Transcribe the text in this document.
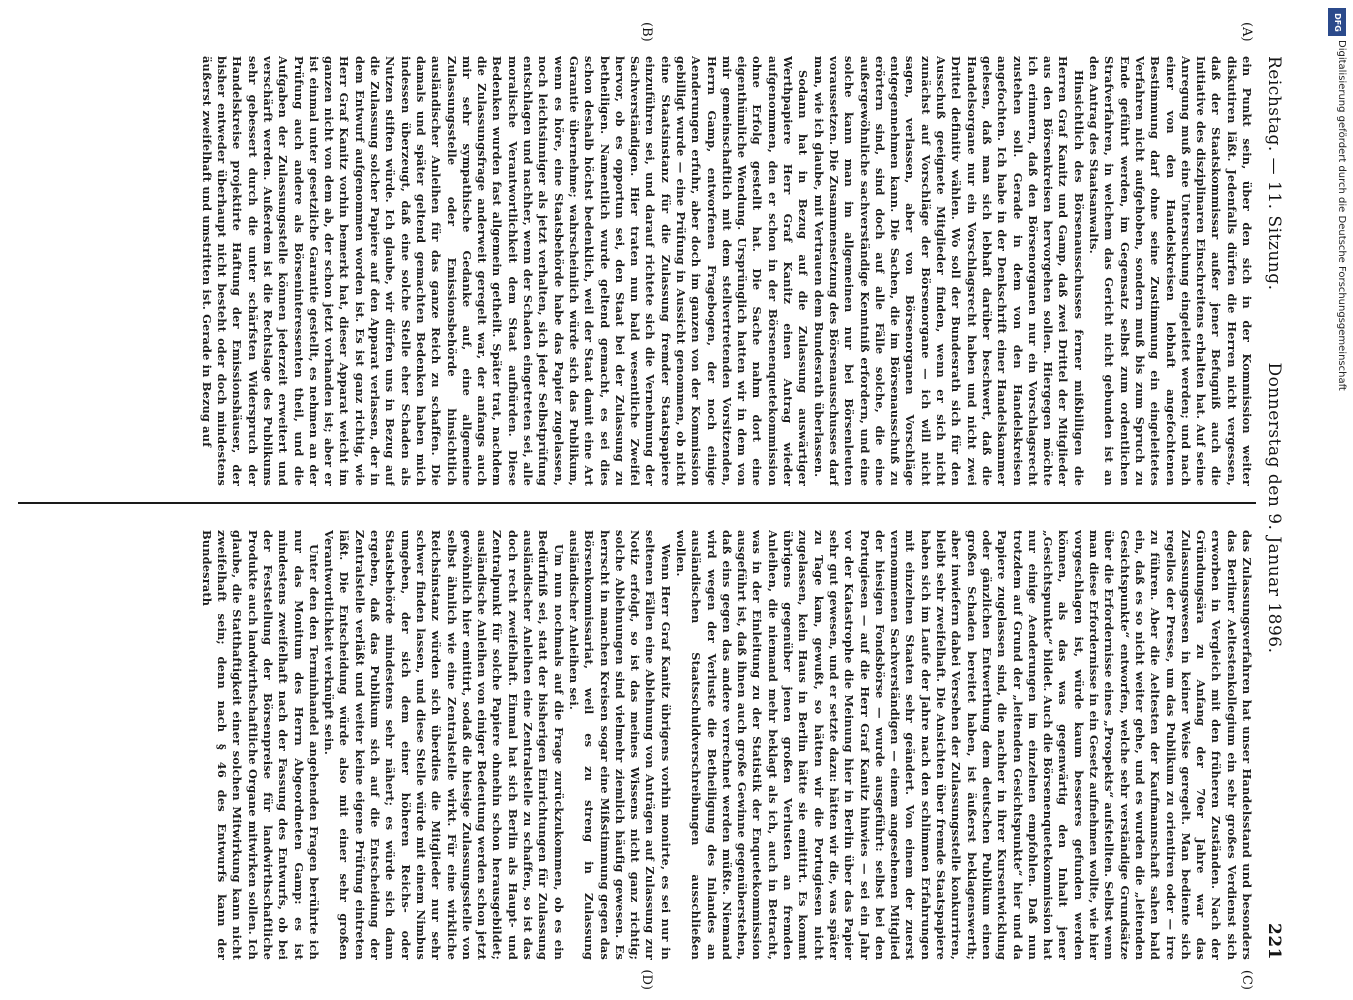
Reichstag. — 11. Sitzung.
Donnerstag den 9. Januar 1896.
221
(A)
(B)
(C)
(D)

ein Punkt sein, über den sich in der Kommission weiter diskutiren läßt. Jedenfalls dürfen die Herren nicht vergessen, daß der Staatskommissar außer jener Befugniß auch die Initiative des disziplinaren Einschreitens erhalten hat. Auf seine Anregung muß eine Untersuchung eingeleitet werden; und nach einer von den Handelskreisen lebhaft angefochtenen Bestimmung darf ohne seine Zustimmung ein eingeleitetes Verfahren nicht aufgehoben, sondern muß bis zum Spruch zu Ende geführt werden, im Gegensatz selbst zum ordentlichen Strafverfahren, in welchem das Gericht nicht gebunden ist an den Antrag des Staatsanwalts.

Hinsichtlich des Börsenausschusses ferner mißbilligen die Herren Graf Kanitz und Gamp, daß zwei Drittel der Mitglieder aus den Börsenkreisen hervorgehen sollen. Hiergegen möchte ich erinnern, daß den Börsenorganen nur ein Vorschlagsrecht zustehen soll. Gerade in dem von den Handelskreisen angefochten. Ich habe in der Denkschrift einer Handelskammer gelesen, daß man sich lebhaft darüber beschwert, daß die Handelsorgane nur ein Vorschlagsrecht haben und nicht zwei Drittel definitiv wählen. Wo soll der Bundesrath sich für den Ausschuß geeignete Mitglieder finden, wenn er sich nicht zunächst auf Vorschläge der Börsenorgane — ich will nicht sagen, verlassen, aber von Börsenorganen Vorschläge entgegennehmen kann. Die Sachen, die im Börsenausschuß zu erörtern sind, sind doch auf alle Fälle solche, die eine außergewöhnliche sachverständige Kenntniß erfordern, und eine solche kann man im allgemeinen nur bei Börsenleuten voraussetzen. Die Zusammensetzung des Börsenausschusses darf man, wie ich glaube, mit Vertrauen dem Bundesrath überlassen.

Sodann hat in Bezug auf die Zulassung auswärtiger Werthpapiere Herr Graf Kanitz einen Antrag wieder aufgenommen, den er schon in der Börsenenquetekommission ohne Erfolg gestellt hat. Die Sache nahm dort eine eigenthümliche Wendung. Ursprünglich hatten wir in dem von mir gemeinschaftlich mit dem stellvertretenden Vorsitzenden, Herrn Gamp, entworfenen Fragebogen, der noch einige Aenderungen erfuhr, aber doch im ganzen von der Kommission gebilligt wurde — eine Prüfung in Aussicht genommen, ob nicht eine Staatsinstanz für die Zulassung fremder Staatspapiere einzuführen sei, und darauf richtete sich die Vernehmung der Sachverständigen. Hier traten nun bald wesentliche Zweifel hervor, ob es opportun sei, den Staat bei der Zulassung zu betheiligen. Namentlich wurde geltend gemacht, es sei dies schon deshalb höchst bedenklich, weil der Staat damit eine Art Garantie übernehme; wahrscheinlich würde sich das Publikum, wenn es höre, eine Staatsbehörde habe das Papier zugelassen, noch leichtsinniger als jetzt verhalten, sich jeder Selbstprüfung entschlagen und nachher, wenn der Schaden eingetreten sei, alle moralische Verantwortlichkeit dem Staat aufbürden. Diese Bedenken wurden fast allgemein getheilt. Später trat, nachdem die Zulassungsfrage anderweit geregelt war, der anfangs auch mir sehr sympathische Gedanke auf, eine allgemeine Zulassungsstelle oder Emissionsbehörde hinsichtlich ausländischer Anleihen für das ganze Reich zu schaffen. Die damals und später geltend gemachten Bedenken haben mich indessen überzeugt, daß eine solche Stelle eher Schaden als Nutzen stiften würde. Ich glaube, wir dürfen uns in Bezug auf die Zulassung solcher Papiere auf den Apparat verlassen, der in dem Entwurf aufgenommen worden ist. Es ist ganz richtig, wie Herr Graf Kanitz vorhin bemerkt hat, dieser Apparat weicht im ganzen nicht von dem ab, der schon jetzt vorhanden ist; aber er ist einmal unter gesetzliche Garantie gestellt, es nehmen an der Prüfung auch andere als Börseninteressenten theil, und die Aufgaben der Zulassungsstelle können jederzeit erweitert und verschärft werden. Außerdem ist die Rechtslage des Publikums sehr gebessert durch die unter schärfsten Widerspruch der Handelskreise projektirte Haftung der Emissionshäuser, der bisher entweder überhaupt nicht besteht oder doch mindestens äußerst zweifelhaft und umstritten ist. Gerade in Bezug auf

das Zulassungsverfahren hat unser Handelsstand und besonders das Berliner Aeltestenkollegium ein sehr großes Verdienst sich erworben in Vergleich mit den früheren Zuständen. Nach der Gründungsära zu Anfang der 70er Jahre war das Zulassungswesen in keiner Weise geregelt. Man bediente sich regellos der Presse, um das Publikum zu orientiren oder — irre zu führen. Aber die Aeltesten der Kaufmannschaft sahen bald ein, daß es so nicht weiter gehe, und es wurden die „leitenden Gesichtspunkte“ entworfen, welche sehr verständige Grundsätze über die Erfordernisse eines „Prospekts“ aufstellten. Selbst wenn man diese Erfordernisse in ein Gesetz aufnehmen wollte, wie hier vorgeschlagen ist, würde kaum besseres gefunden werden können, als das was gegenwärtig den Inhalt jener „Gesichtspunkte“ bildet. Auch die Börsenenquetekommission hat nur einige Aenderungen im einzelnen empfohlen. Daß nun trotzdem auf Grund der „leitenden Gesichtspunkte“ hier und da Papiere zugelassen sind, die nachher in ihrer Kursentwicklung oder gänzlichen Entwerthung dem deutschen Publikum einen großen Schaden bereitet haben, ist äußerst beklagenswerth; aber inwiefern dabei Versehen der Zulassungsstelle konkurriren, bleibt sehr zweifelhaft. Die Ansichten über fremde Staatspapiere haben sich im Laufe der Jahre nach den schlimmen Erfahrungen mit einzelnen Staaten sehr geändert. Von einem der zuerst vernommenen Sachverständigen — einem angesehenen Mitglied der hiesigen Fondsbörse — wurde ausgeführt: selbst bei den Portugiesen — auf die Herr Graf Kanitz hinwies — sei ein Jahr vor der Katastrophe die Meinung hier in Berlin über das Papier sehr gut gewesen, und er setzte dazu: hätten wir die, was später zu Tage kam, gewußt, so hätten wir die Portugiesen nicht zugelassen, kein Haus in Berlin hätte sie emittirt. Es kommt übrigens gegenüber jenen großen Verlusten an fremden Anleihen, die niemand mehr beklagt als ich, auch in Betracht, was in der Einleitung zu der Statistik der Enquetekommission ausgeführt ist, daß ihnen auch große Gewinne gegenüberstehen, daß eins gegen das andere verrechnet werden müßte. Niemand wird wegen der Verluste die Betheiligung des Inlandes an ausländischen Staatsschuldverschreibungen ausschließen wollen.

Wenn Herr Graf Kanitz übrigens vorhin monirte, es sei nur in seltenen Fällen eine Ablehnung von Anträgen auf Zulassung zur Notiz erfolgt, so ist das meines Wissens nicht ganz richtig; solche Ablehnungen sind vielmehr ziemlich häufig gewesen. Es herrscht in manchen Kreisen sogar eine Mißstimmung gegen das Börsenkommissariat, weil es zu streng in Zulassung ausländischer Anleihen sei.

Um nun nochmals auf die Frage zurückzukommen, ob es ein Bedürfniß sei, statt der bisherigen Einrichtungen für Zulassung ausländischer Anleihen eine Zentralstelle zu schaffen, so ist das doch recht zweifelhaft. Einmal hat sich Berlin als Haupt- und Zentralpunkt für solche Papiere ohnehin schon herausgebildet; ausländische Anleihen von einiger Bedeutung werden schon jetzt gewöhnlich hier emittirt, sodaß die hiesige Zulassungsstelle von selbst ähnlich wie eine Zentralstelle wirkt. Für eine wirkliche Reichsinstanz würden sich überdies die Mitglieder nur sehr schwer finden lassen, und diese Stelle würde mit einem Nimbus umgeben, der sich dem einer höheren Reichs- oder Staatsbehörde mindestens sehr nähert; es würde sich dann ergeben, daß das Publikum sich auf die Entscheidung der Zentralstelle verläßt und weiter keine eigene Prüfung eintreten läßt. Die Entscheidung würde also mit einer sehr großen Verantwortlichkeit verknüpft sein.

Unter den den Terminhandel angehenden Fragen berührte ich nur das Monitum des Herrn Abgeordneten Gamp: es ist mindestens zweifelhaft nach der Fassung des Entwurfs, ob bei der Feststellung der Börsenpreise für landwirthschaftliche Produkte auch landwirthschaftliche Organe mitwirken sollen. Ich glaube, die Statthaftigkeit einer solchen Mitwirkung kann nicht zweifelhaft sein; denn nach § 46 des Entwurfs kann der Bundesrath

DFG
Digitalisierung gefördert durch die Deutsche Forschungsgemeinschaft
